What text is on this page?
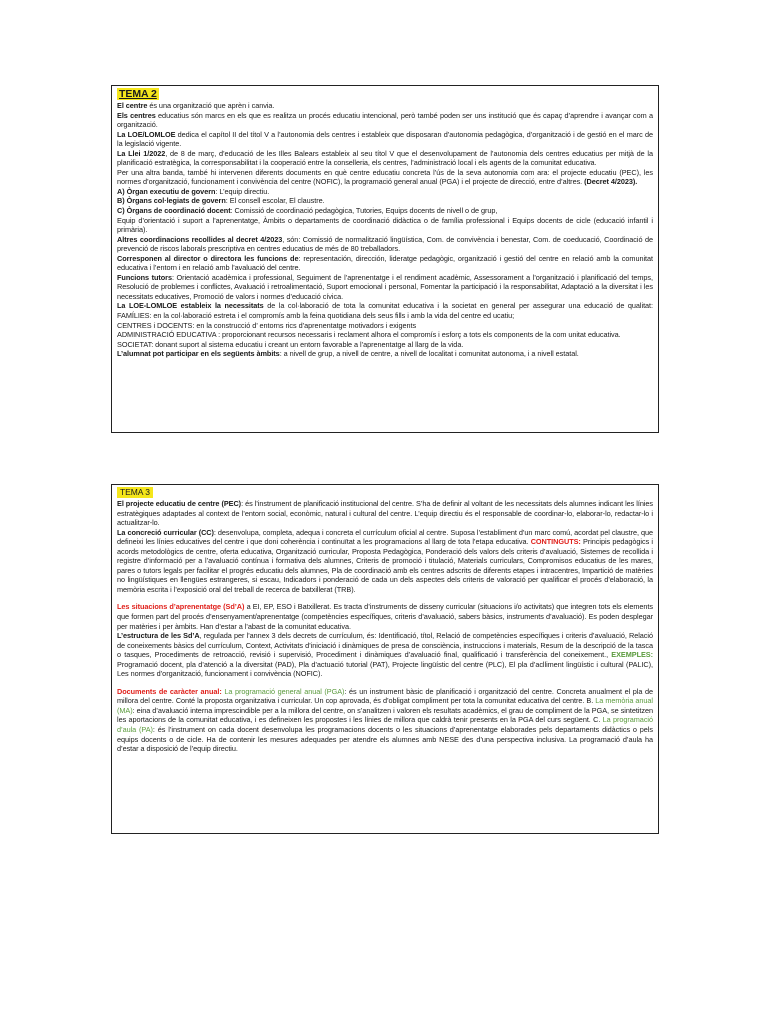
TEMA 2

El centre és una organització que aprèn i canvia.

Els centres educatius són marcs en els que es realitza un procés educatiu intencional, però també poden ser uns institució que és capaç d’aprendre i avançar com a organització.

La LOE/LOMLOE dedica el capítol II del títol V a l’autonomia dels centres i estableix que disposaran d’autonomia pedagògica, d’organització i de gestió en el marc de la legislació vigente.

La Llei 1/2022, de 8 de març, d’educació de les Illes Balears estableix al seu títol V que el desenvolupament de l’autonomia dels centres educatius per mitjà de la planificació estratègica, la corresponsabilitat i la cooperació entre la conselleria, els centres, l’administració local i els agents de la comunitat educativa.

Per una altra banda, també hi intervenen diferents documents en què centre educatiu concreta l’ús de la seva autonomia com ara: el projecte educatiu (PEC), les normes d’organització, funcionament i convivència del centre (NOFIC), la programació general anual (PGA) i el projecte de direcció, entre d’altres. (Decret 4/2023).

A) Òrgan executiu de govern: L’equip directiu.

B) Òrgans col·legiats de govern: El consell escolar, El claustre.

C) Òrgans de coordinació docent: Comissió de coordinació pedagògica, Tutories, Equips docents de nivell o de grup,

Equip d’orientació i suport a l’aprenentatge, Àmbits o departaments de coordinació didàctica o de família professional i Equips docents de cicle (educació infantil i primària).

Altres coordinacions recollides al decret 4/2023, són: Comissió de normalització lingüística, Com. de convivència i benestar, Com. de coeducació, Coordinació de prevenció de riscos laborals prescriptiva en centres educatius de més de 80 treballadors.

Corresponen al director o directora les funcions de: representación, dirección, lideratge pedagògic, organització i gestió del centre en relació amb la comunitat educativa i l’entorn i en relació amb l’avaluació del centre.

Funcions tutors: Orientació acadèmica i professional, Seguiment de l’aprenentatge i el rendiment acadèmic, Assessorament a l’organització i planificació del temps, Resolució de problemes i conflictes, Avaluació i retroalimentació, Suport emocional i personal, Fomentar la participació i la responsabilitat, Adaptació a la diversitat i les necessitats educatives, Promoció de valors i normes d’educació cívica.

La LOE-LOMLOE estableix la necessitats de la col·laboració de tota la comunitat educativa i la societat en general per assegurar una educació de qualitat: FAMÍLIES: en la col·laboració estreta i el compromís amb la feina quotidiana dels seus fills i amb la vida del centre ed ucatiu;

CENTRES i DOCENTS: en la construcció d’ entorns rics d’aprenentatge motivadors i exigents

ADMINISTRACIÓ EDUCATIVA : proporcionant recursos necessaris i reclament alhora el compromís i esforç a tots els components de la com unitat educativa.

SOCIETAT: donant suport al sistema educatiu i creant un entorn favorable a l’aprenentatge al llarg de la vida.

L’alumnat pot participar en els següents àmbits: a nivell de grup, a nivell de centre, a nivell de localitat i comunitat autonoma, i a nivell estatal.

TEMA 3

El projecte educatiu de centre (PEC): és l’instrument de planificació institucional del centre. S’ha de definir al voltant de les necessitats dels alumnes indicant les línies estratègiques adaptades al context de l’entorn social, econòmic, natural i cultural del centre. L’equip directiu és el responsable de coordinar-lo, elaborar-lo, redactar-lo i actualitzar-lo.

La concreció curricular (CC): desenvolupa, completa, adequa i concreta el currículum oficial al centre. Suposa l’establiment d’un marc comú, acordat pel claustre, que defineixi les línies educatives del centre i que doni coherència i continuïtat a les programacions al llarg de tota l’etapa educativa. CONTINGUTS: Principis pedagògics i acords metodològics de centre, oferta educativa, Organització curricular, Proposta Pedagògica, Ponderació dels valors dels criteris d’avaluació, Sistemes de recollida i registre d’informació per a l’avaluació contínua i formativa dels alumnes, Criteris de promoció i titulació, Materials curriculars, Compromisos educatius de les mares, pares o tutors legals per facilitar el progrés educatiu dels alumnes, Pla de coordinació amb els centres adscrits de diferents etapes i intracentres, Impartició de matèries no lingüístiques en llengües estrangeres, si escau, Indicadors i ponderació de cada un dels aspectes dels criteris de valoració per qualificar el procés d’elaboració, la memòria escrita i l’exposició oral del treball de recerca de batxillerat (TRB).

Les situacions d’aprenentatge (SdʼA) a EI, EP, ESO i Batxillerat. Es tracta d’instruments de disseny curricular (situacions i/o activitats) que integren tots els elements que formen part del procés d’ensenyament/aprenentatge (competències específiques, criteris d’avaluació, sabers bàsics, instruments d’avaluació). Es poden desplegar per matèries i per àmbits. Han d’estar a l’abast de la comunitat educativa.

L’estructura de les SdʼA, regulada per l’annex 3 dels decrets de currículum, és: Identificació, títol, Relació de competències específiques i criteris d’avaluació, Relació de coneixements bàsics del currículum, Context, Activitats d’iniciació i dinàmiques de presa de consciència, instruccions i materials, Resum de la descripció de la tasca o tasques, Procediments de retroacció, revisió i supervisió, Procediment i dinàmiques d’avaluació final, qualificació i transferència del coneixement., EXEMPLES: Programació docent, pla d’atenció a la diversitat (PAD), Pla d’actuació tutorial (PAT), Projecte lingüístic del centre (PLC), El pla d’aclliment lingüístic i cultural (PALIC), Les normes d’organització, funcionament i convivència (NOFIC).

Documents de caràcter anual: La programació general anual (PGA): és un instrument bàsic de planificació i organització del centre. Concreta anualment el pla de millora del centre. Conté la proposta organitzativa i curricular. Un cop aprovada, és d’obligat compliment per tota la comunitat educativa del centre. B. La memòria anual (MA): eina d’avaluació interna imprescindible per a la millora del centre, on s’analitzen i valoren els resultats acadèmics, el grau de compliment de la PGA, se sintetitzen les aportacions de la comunitat educativa, i es defineixen les propostes i les línies de millora que caldrà tenir presents en la PGA del curs següent. C. La programació d’aula (PA): és l’instrument on cada docent desenvolupa les programacions docents o les situacions d’aprenentatge elaborades pels departaments didàctics o pels equips docents o de cicle. Ha de contenir les mesures adequades per atendre els alumnes amb NESE des d’una perspectiva inclusiva. La programació d’aula ha d’estar a disposició de l’equip directiu.
